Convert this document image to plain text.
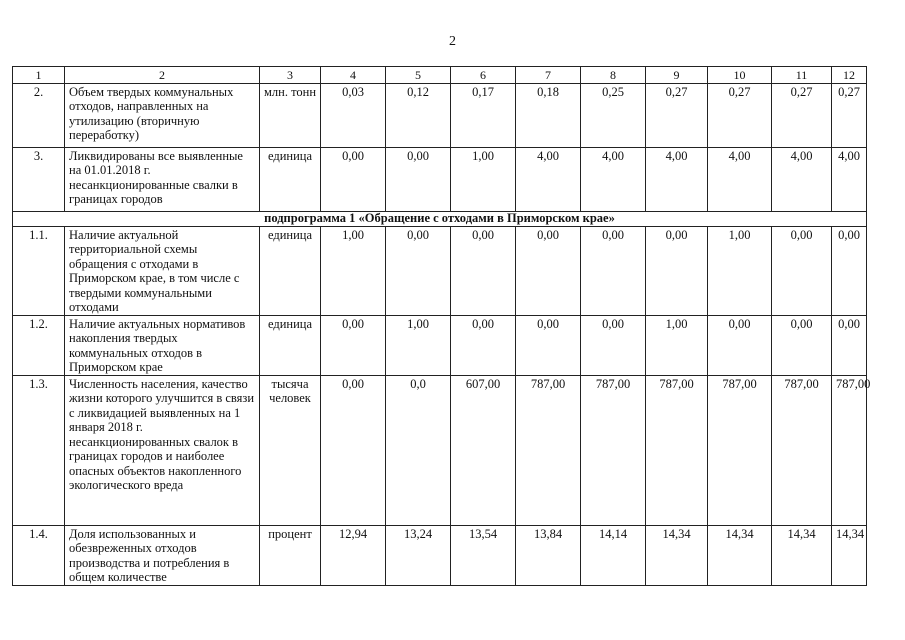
2
1	2	3	4	5	6	7	8	9	10	11	12
2.	Объем твердых коммунальных отходов, направленных на утилизацию (вторичную переработку)	млн. тонн	0,03	0,12	0,17	0,18	0,25	0,27	0,27	0,27	0,27
3.	Ликвидированы все выявленные на 01.01.2018 г. несанкционированные свалки в границах городов	единица	0,00	0,00	1,00	4,00	4,00	4,00	4,00	4,00	4,00
подпрограмма 1 «Обращение с отходами в Приморском крае»											
1.1.	Наличие актуальной территориальной схемы обращения с отходами в Приморском крае, в том числе с твердыми коммунальными отходами	единица	1,00	0,00	0,00	0,00	0,00	0,00	1,00	0,00	0,00
1.2.	Наличие актуальных нормативов накопления твердых коммунальных отходов в Приморском крае	единица	0,00	1,00	0,00	0,00	0,00	1,00	0,00	0,00	0,00
1.3.	Численность населения, качество жизни которого улучшится в связи с ликвидацией выявленных на 1 января 2018 г. несанкционированных свалок в границах городов и наиболее опасных объектов накопленного экологического вреда	тысяча человек	0,00	0,0	607,00	787,00	787,00	787,00	787,00	787,00	787,00
1.4.	Доля использованных и обезвреженных отходов производства и потребления в общем количестве	процент	12,94	13,24	13,54	13,84	14,14	14,34	14,34	14,34	14,34
